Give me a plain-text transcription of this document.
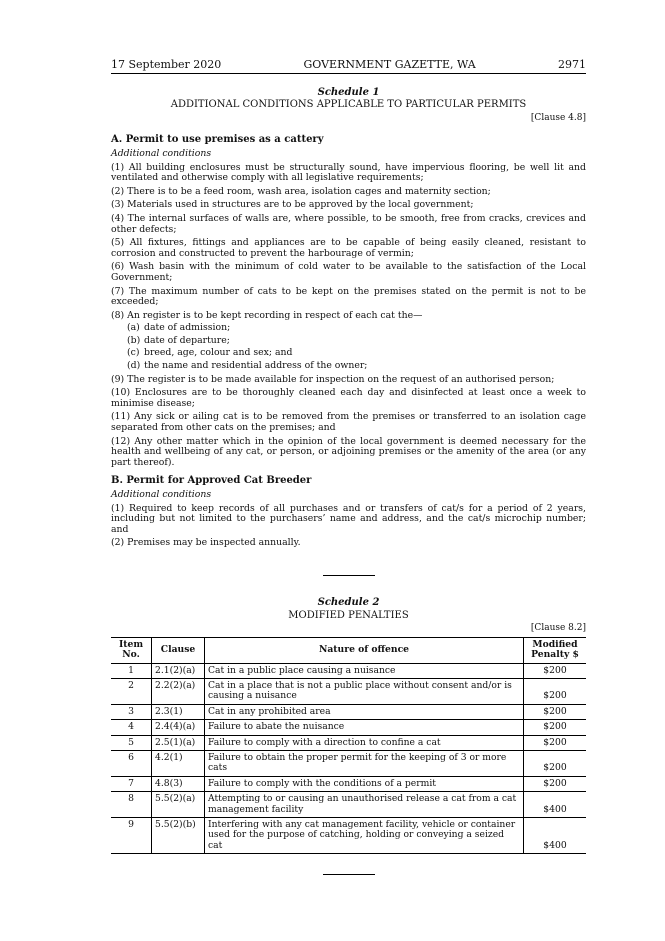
17 September 2020	GOVERNMENT GAZETTE, WA	2971
Schedule 1
ADDITIONAL CONDITIONS APPLICABLE TO PARTICULAR PERMITS
[Clause 4.8]
A. Permit to use premises as a cattery
Additional conditions

(1) All building enclosures must be structurally sound, have impervious flooring, be well lit and ventilated and otherwise comply with all legislative requirements;

(2) There is to be a feed room, wash area, isolation cages and maternity section;

(3) Materials used in structures are to be approved by the local government;

(4) The internal surfaces of walls are, where possible, to be smooth, free from cracks, crevices and other defects;

(5) All fixtures, fittings and appliances are to be capable of being easily cleaned, resistant to corrosion and constructed to prevent the harbourage of vermin;

(6) Wash basin with the minimum of cold water to be available to the satisfaction of the Local Government;

(7) The maximum number of cats to be kept on the premises stated on the permit is not to be exceeded;

(8) An register is to be kept recording in respect of each cat the—

(a) date of admission;
(b) date of departure;
(c) breed, age, colour and sex; and
(d) the name and residential address of the owner;

(9) The register is to be made available for inspection on the request of an authorised person;

(10) Enclosures are to be thoroughly cleaned each day and disinfected at least once a week to minimise disease;

(11) Any sick or ailing cat is to be removed from the premises or transferred to an isolation cage separated from other cats on the premises; and

(12) Any other matter which in the opinion of the local government is deemed necessary for the health and wellbeing of any cat, or person, or adjoining premises or the amenity of the area (or any part thereof).

B. Permit for Approved Cat Breeder
Additional conditions

(1) Required to keep records of all purchases and or transfers of cat/s for a period of 2 years, including but not limited to the purchasers’ name and address, and the cat/s microchip number; and

(2) Premises may be inspected annually.

Schedule 2
MODIFIED PENALTIES
[Clause 8.2]
Item No.	Clause	Nature of offence	Modified Penalty $
1	2.1(2)(a)	Cat in a public place causing a nuisance	$200
2	2.2(2)(a)	Cat in a place that is not a public place without consent and/or is causing a nuisance	$200
3	2.3(1)	Cat in any prohibited area	$200
4	2.4(4)(a)	Failure to abate the nuisance	$200
5	2.5(1)(a)	Failure to comply with a direction to confine a cat	$200
6	4.2(1)	Failure to obtain the proper permit for the keeping of 3 or more cats	$200
7	4.8(3)	Failure to comply with the conditions of a permit	$200
8	5.5(2)(a)	Attempting to or causing an unauthorised release a cat from a cat management facility	$400
9	5.5(2)(b)	Interfering with any cat management facility, vehicle or container used for the purpose of catching, holding or conveying a seized cat	$400
